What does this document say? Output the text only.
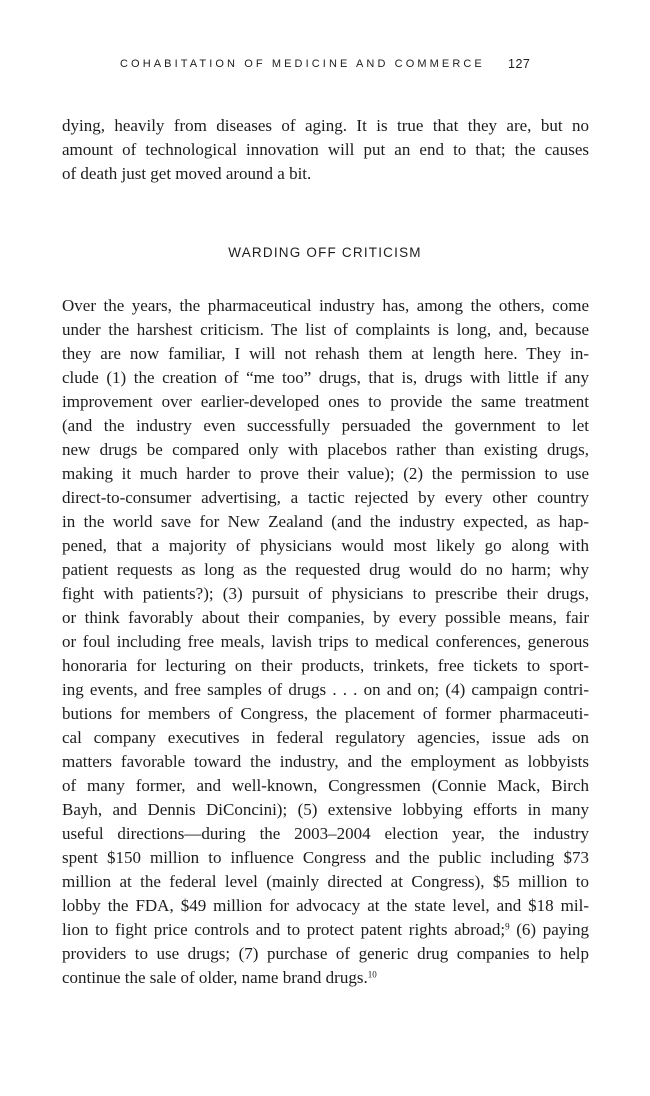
COHABITATION OF MEDICINE AND COMMERCE 127
dying, heavily from diseases of aging. It is true that they are, but no
amount of technological innovation will put an end to that; the causes
of death just get moved around a bit.
WARDING OFF CRITICISM
Over the years, the pharmaceutical industry has, among the others, come
under the harshest criticism. The list of complaints is long, and, because
they are now familiar, I will not rehash them at length here. They in-
clude (1) the creation of “me too” drugs, that is, drugs with little if any
improvement over earlier-developed ones to provide the same treatment
(and the industry even successfully persuaded the government to let
new drugs be compared only with placebos rather than existing drugs,
making it much harder to prove their value); (2) the permission to use
direct-to-consumer advertising, a tactic rejected by every other country
in the world save for New Zealand (and the industry expected, as hap-
pened, that a majority of physicians would most likely go along with
patient requests as long as the requested drug would do no harm; why
fight with patients?); (3) pursuit of physicians to prescribe their drugs,
or think favorably about their companies, by every possible means, fair
or foul including free meals, lavish trips to medical conferences, generous
honoraria for lecturing on their products, trinkets, free tickets to sport-
ing events, and free samples of drugs . . . on and on; (4) campaign contri-
butions for members of Congress, the placement of former pharmaceuti-
cal company executives in federal regulatory agencies, issue ads on
matters favorable toward the industry, and the employment as lobbyists
of many former, and well-known, Congressmen (Connie Mack, Birch
Bayh, and Dennis DiConcini); (5) extensive lobbying efforts in many
useful directions—during the 2003–2004 election year, the industry
spent $150 million to influence Congress and the public including $73
million at the federal level (mainly directed at Congress), $5 million to
lobby the FDA, $49 million for advocacy at the state level, and $18 mil-
lion to fight price controls and to protect patent rights abroad;$^9$ (6) paying
providers to use drugs; (7) purchase of generic drug companies to help
continue the sale of older, name brand drugs.$^{10}$
